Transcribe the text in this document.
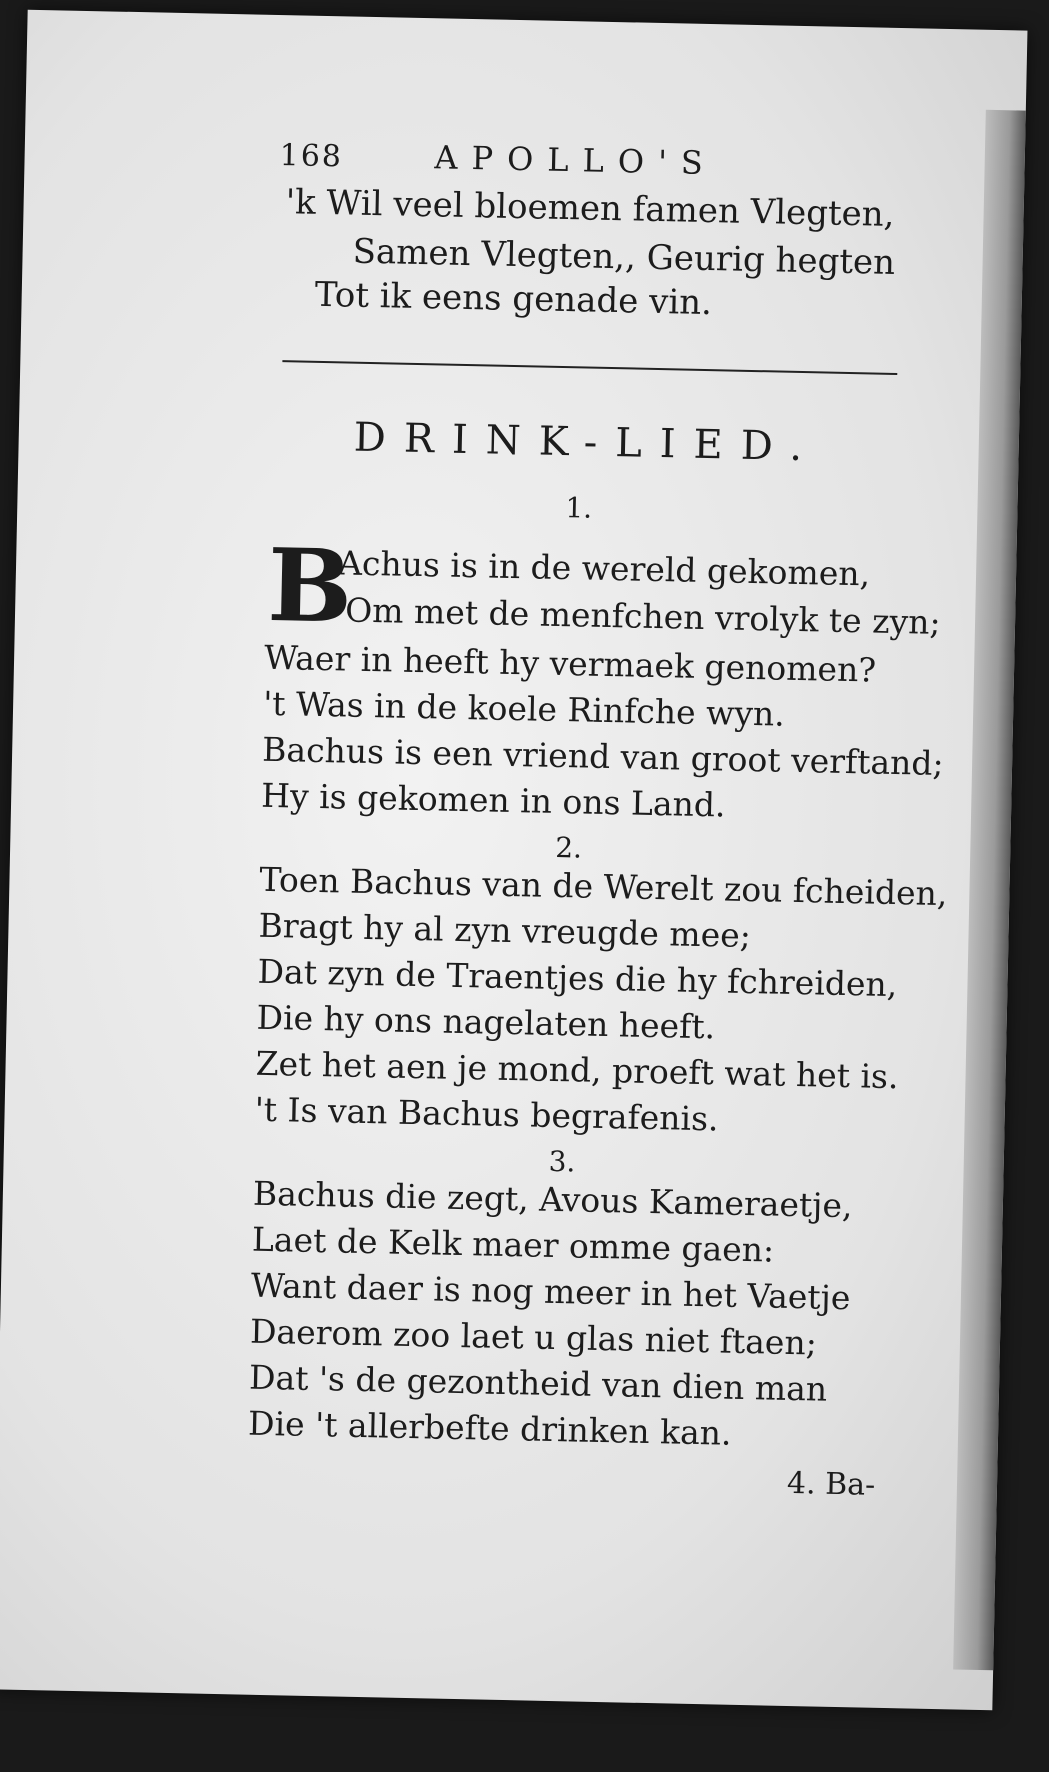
168	APOLLO'S
'k Wil veel bloemen famen Vlegten,
Samen Vlegten,, Geurig hegten
Tot ik eens genade vin.
DRINK-LIED.
1.
B
Achus is in de wereld gekomen,
Om met de menfchen vrolyk te zyn;
Waer in heeft hy vermaek genomen?
't Was in de koele Rinfche wyn.
Bachus is een vriend van groot verftand;
Hy is gekomen in ons Land.
2.
Toen Bachus van de Werelt zou fcheiden,
Bragt hy al zyn vreugde mee;
Dat zyn de Traentjes die hy fchreiden,
Die hy ons nagelaten heeft.
Zet het aen je mond, proeft wat het is.
't Is van Bachus begrafenis.
3.
Bachus die zegt, Avous Kameraetje,
Laet de Kelk maer omme gaen:
Want daer is nog meer in het Vaetje
Daerom zoo laet u glas niet ftaen;
Dat 's de gezontheid van dien man
Die 't allerbefte drinken kan.
4. Ba-
